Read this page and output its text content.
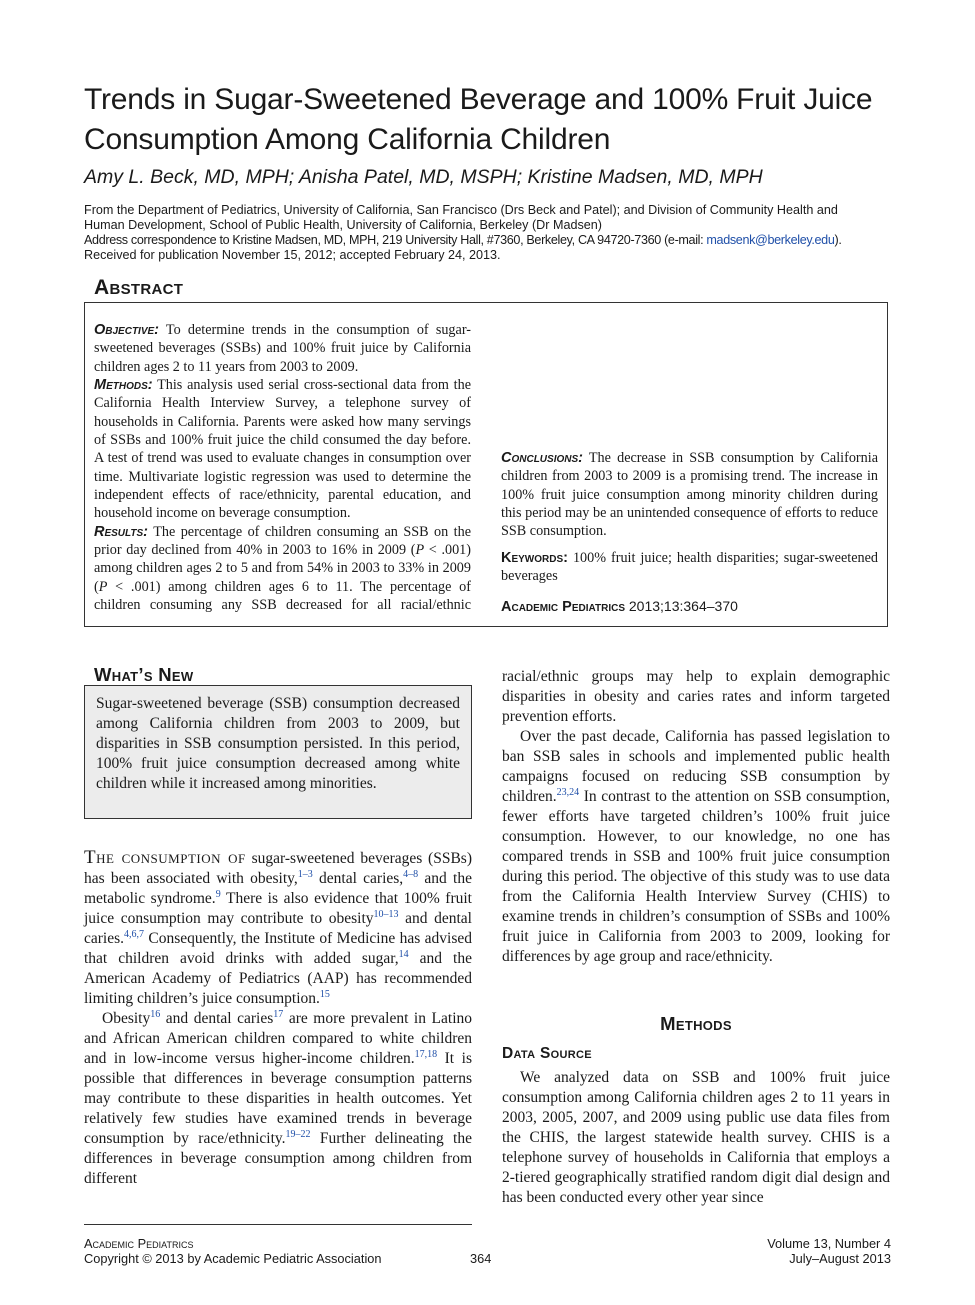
Trends in Sugar-Sweetened Beverage and 100% Fruit Juice
Consumption Among California Children
Amy L. Beck, MD, MPH; Anisha Patel, MD, MSPH; Kristine Madsen, MD, MPH
From the Department of Pediatrics, University of California, San Francisco (Drs Beck and Patel); and Division of Community Health and
Human Development, School of Public Health, University of California, Berkeley (Dr Madsen)
Address correspondence to Kristine Madsen, MD, MPH, 219 University Hall, #7360, Berkeley, CA 94720-7360 (e-mail: madsenk@berkeley.edu).
Received for publication November 15, 2012; accepted February 24, 2013.
Abstract

Objective: To determine trends in the consumption of sugar-sweetened beverages (SSBs) and 100% fruit juice by California children ages 2 to 11 years from 2003 to 2009.

Methods: This analysis used serial cross-sectional data from the California Health Interview Survey, a telephone survey of households in California. Parents were asked how many servings of SSBs and 100% fruit juice the child consumed the day before. A test of trend was used to evaluate changes in consumption over time. Multivariate logistic regression was used to determine the independent effects of race/ethnicity, parental education, and household income on beverage consumption.

Results: The percentage of children consuming an SSB on the prior day declined from 40% in 2003 to 16% in 2009 (P < .001) among children ages 2 to 5 and from 54% in 2003 to 33% in 2009 (P < .001) among children ages 6 to 11. The percentage of children consuming any SSB decreased for all racial/ethnic

Conclusions: The decrease in SSB consumption by California children from 2003 to 2009 is a promising trend. The increase in 100% fruit juice consumption among minority children during this period may be an unintended consequence of efforts to reduce SSB consumption.

Keywords: 100% fruit juice; health disparities; sugar-sweetened beverages

Academic Pediatrics 2013;13:364–370

What’s New
Sugar-sweetened beverage (SSB) consumption decreased among California children from 2003 to 2009, but disparities in SSB consumption persisted. In this period, 100% fruit juice consumption decreased among white children while it increased among minorities.

The consumption of sugar-sweetened beverages (SSBs) has been associated with obesity,$^{1-3}$ dental caries,$^{4-8}$ and the metabolic syndrome.$^9$ There is also evidence that 100% fruit juice consumption may contribute to obesity$^{10-13}$ and dental caries.$^{4,6,7}$ Consequently, the Institute of Medicine has advised that children avoid drinks with added sugar,$^{14}$ and the American Academy of Pediatrics (AAP) has recommended limiting children’s juice consumption.$^{15}$

Obesity$^{16}$ and dental caries$^{17}$ are more prevalent in Latino and African American children compared to white children and in low-income versus higher-income children.$^{17,18}$ It is possible that differences in beverage consumption patterns may contribute to these disparities in health outcomes. Yet relatively few studies have examined trends in beverage consumption by race/ethnicity.$^{19-22}$ Further delineating the differences in beverage consumption among children from different

racial/ethnic groups may help to explain demographic disparities in obesity and caries rates and inform targeted prevention efforts.

Over the past decade, California has passed legislation to ban SSB sales in schools and implemented public health campaigns focused on reducing SSB consumption by children.$^{23,24}$ In contrast to the attention on SSB consumption, fewer efforts have targeted children’s 100% fruit juice consumption. However, to our knowledge, no one has compared trends in SSB and 100% fruit juice consumption during this period. The objective of this study was to use data from the California Health Interview Survey (CHIS) to examine trends in children’s consumption of SSBs and 100% fruit juice in California from 2003 to 2009, looking for differences by age group and race/ethnicity.

Methods
Data Source

We analyzed data on SSB and 100% fruit juice consumption among California children ages 2 to 11 years in 2003, 2005, 2007, and 2009 using public use data files from the CHIS, the largest statewide health survey. CHIS is a telephone survey of households in California that employs a 2-tiered geographically stratified random digit dial design and has been conducted every other year since

Academic Pediatrics
Copyright © 2013 by Academic Pediatric Association	364
Volume 13, Number 4
July–August 2013
